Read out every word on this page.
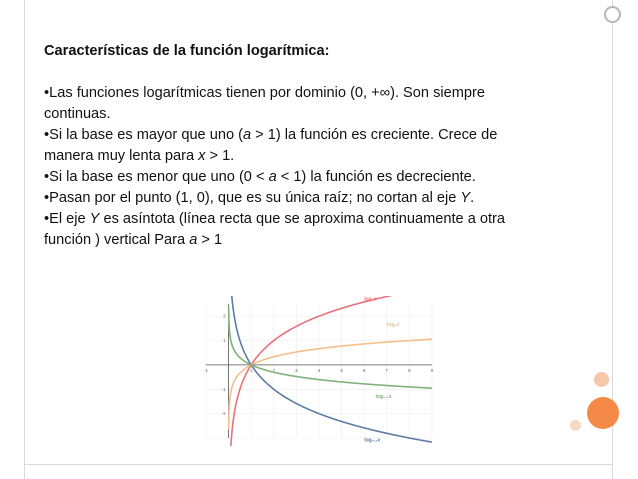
Características de la función logarítmica:

•Las funciones logarítmicas tienen por dominio (0, +∞). Son siempre continuas.

•Si la base es mayor que uno (a > 1) la función es creciente. Crece de manera muy lenta para x > 1.

•Si la base es menor que uno (0 < a < 1) la función es decreciente.

•Pasan por el punto (1, 0), que es su única raíz; no cortan al eje Y.

•El eje Y es asíntota (línea recta que se aproxima continuamente a otra función ) vertical Para a > 1

-1	1	2	3	4	5	6	7	8	9
2
1
-1
-2
log₂x
log₈x
log₀.₅x
log₀.₁x
